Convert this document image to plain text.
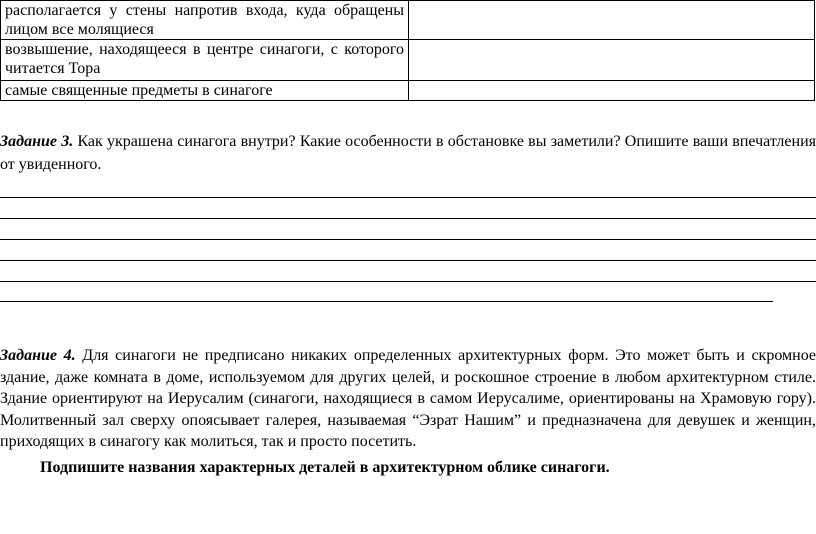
располагается у стены напротив входа, куда обращены лицом все молящиеся	
возвышение, находящееся в центре синагоги, с которого читается Тора	
самые священные предметы в синагоге	

Задание 3. Как украшена синагога внутри? Какие особенности в обстановке вы заметили? Опишите ваши впечатления от увиденного.

Задание 4. Для синагоги не предписано никаких определенных архитектурных форм. Это может быть и скромное здание, даже комната в доме, используемом для других целей, и роскошное строение в любом архитектурном стиле. Здание ориентируют на Иерусалим (синагоги, находящиеся в самом Иерусалиме, ориентированы на Храмовую гору). Молитвенный зал сверху опоясывает галерея, называемая “Эзрат Нашим” и предназначена для девушек и женщин, приходящих в синагогу как молиться, так и просто посетить.

Подпишите названия характерных деталей в архитектурном облике синагоги.
